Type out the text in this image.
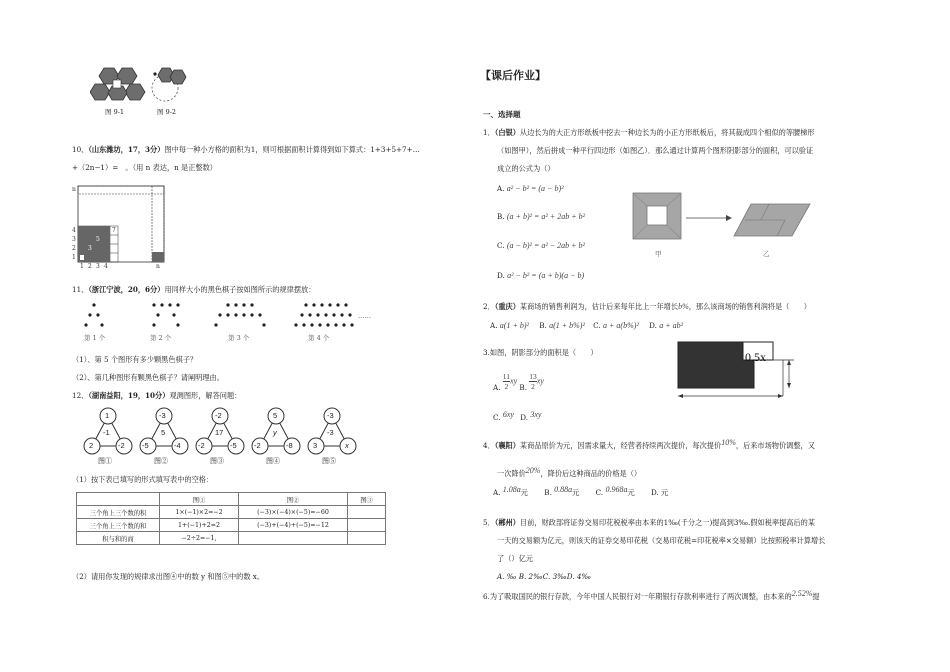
图 9-1	图 9-2
10、（山东潍坊，17，3分）图中每一种小方格的面积为1，则可根据面积计算得到如下算式：1+3+5+7+…
+（2n−1）=　。（用 n 表达，n 是正整数）
n
4
3
2
1
1 2 3 4	n
7
5
3
11、（浙江宁波，20，6分）用同样大小的黑色棋子按如图所示的规律摆放：
第 1 个	第 2 个	第 3 个	第 4 个
……
（1）、第 5 个图形有多少颗黑色棋子？
（2）、第几种图形有颗黑色棋子？请阐明理由。
12、（湖南益阳，19，10分）观测图形，解答问题：
1
-1
2	-2
图①
-3
5
-5	-4
图②
-2
17
-2	-5
图③
5
y
-2	-8
图④
-3
-3
3	x
图⑤
（1）按下表已填写的形式填写表中的空格：
	图①	图②	图③
三个角上三个数的积	1×(−1)×2=−2	(−3)×(−4)×(−5)=−60	
三个角上三个数的和	1+(−1)+2=2	(−3)+(−4)+(−5)=−12	
积与和的商	−2÷2=−1,		
（2）请用你发现的规律求出图④中的数 y 和图⑤中的数 x。
【课后作业】
一、选择题
1．（白银）从边长为的大正方形纸板中挖去一种边长为的小正方形纸板后，将其裁成四个相似的等腰梯形
（如图甲），然后拼成一种平行四边形（如图乙）．那么通过计算两个图形阴影部分的面积，可以验证
成立的公式为（）
A. a² − b² = (a − b)²
B. (a + b)² = a² + 2ab + b²
C. (a − b)² = a² − 2ab + b²
D. a² − b² = (a + b)(a − b)
甲	乙
2．（重庆）某商场的销售利润为，估计后来每年比上一年增长b%，那么该商场的销售利润将是（　　）
A. a(1 + b)² B. a(1 + b%)² C. a + a(b%)² D. a + ab²
3.如图，阴影部分的面积是（　　）
A. $\frac{11}{2}$ xy B. $\frac{13}{2}$ xy
C. 6xy D. 3xy
0.5x
4．（襄阳）某商品原价为元，因需求量大，经营者持续两次提价，每次提价10%，后来市场物价调整，又
一次降价20%，降价后这种商品的价格是（）
A. 1.08a元 B. 0.88a元 C. 0.968a元 D. 元
5．（郴州）目前，财政部将证券交易印花税税率由本来的1‰(千分之一)提高到3‰.假如税率提高后的某
一天的交易额为亿元，则该天的证券交易印花税（交易印花税=印花税率×交易额）比按照税率计算增长
了（）亿元
A. ‰ B. 2‰C. 3‰D. 4‰
6.为了吸取国民的银行存款，今年中国人民银行对一年期银行存款利率进行了两次调整，由本来的2.52%提
